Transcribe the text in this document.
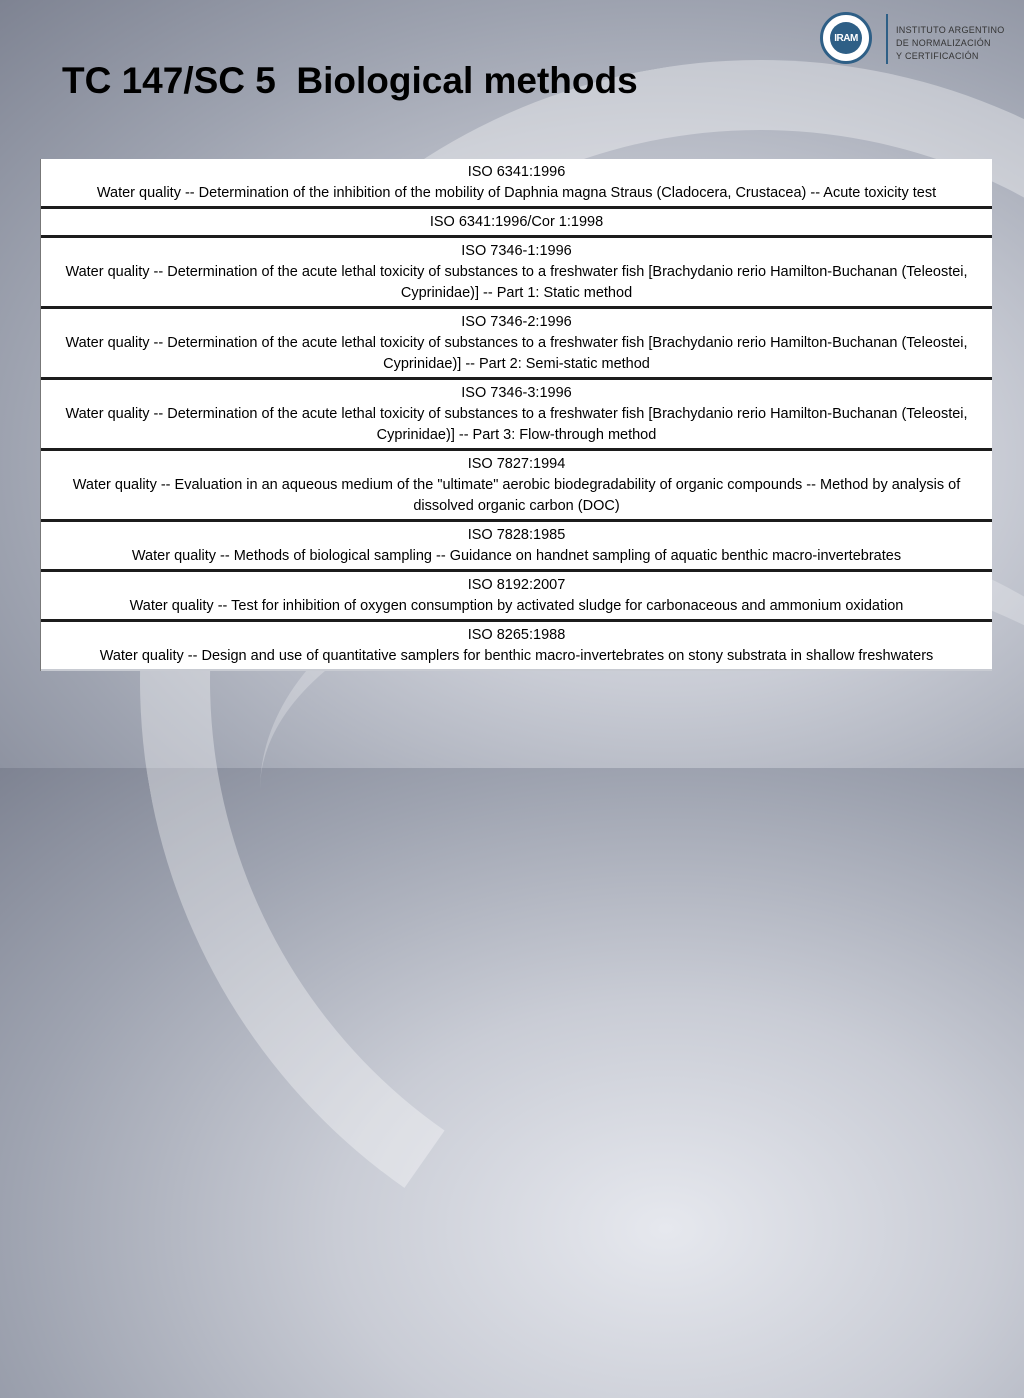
TC 147/SC 5  Biological methods
IRAM
INSTITUTO ARGENTINO
DE NORMALIZACIÓN
Y CERTIFICACIÓN
ISO 6341:1996
Water quality -- Determination of the inhibition of the mobility of Daphnia magna Straus (Cladocera, Crustacea) -- Acute toxicity test
ISO 6341:1996/Cor 1:1998
ISO 7346-1:1996
Water quality -- Determination of the acute lethal toxicity of substances to a freshwater fish [Brachydanio rerio Hamilton-Buchanan (Teleostei, Cyprinidae)] -- Part 1: Static method
ISO 7346-2:1996
Water quality -- Determination of the acute lethal toxicity of substances to a freshwater fish [Brachydanio rerio Hamilton-Buchanan (Teleostei, Cyprinidae)] -- Part 2: Semi-static method
ISO 7346-3:1996
Water quality -- Determination of the acute lethal toxicity of substances to a freshwater fish [Brachydanio rerio Hamilton-Buchanan (Teleostei, Cyprinidae)] -- Part 3: Flow-through method
ISO 7827:1994
Water quality -- Evaluation in an aqueous medium of the "ultimate" aerobic biodegradability of organic compounds -- Method by analysis of dissolved organic carbon (DOC)
ISO 7828:1985
Water quality -- Methods of biological sampling -- Guidance on handnet sampling of aquatic benthic macro-invertebrates
ISO 8192:2007
Water quality -- Test for inhibition of oxygen consumption by activated sludge for carbonaceous and ammonium oxidation
ISO 8265:1988
Water quality -- Design and use of quantitative samplers for benthic macro-invertebrates on stony substrata in shallow freshwaters
